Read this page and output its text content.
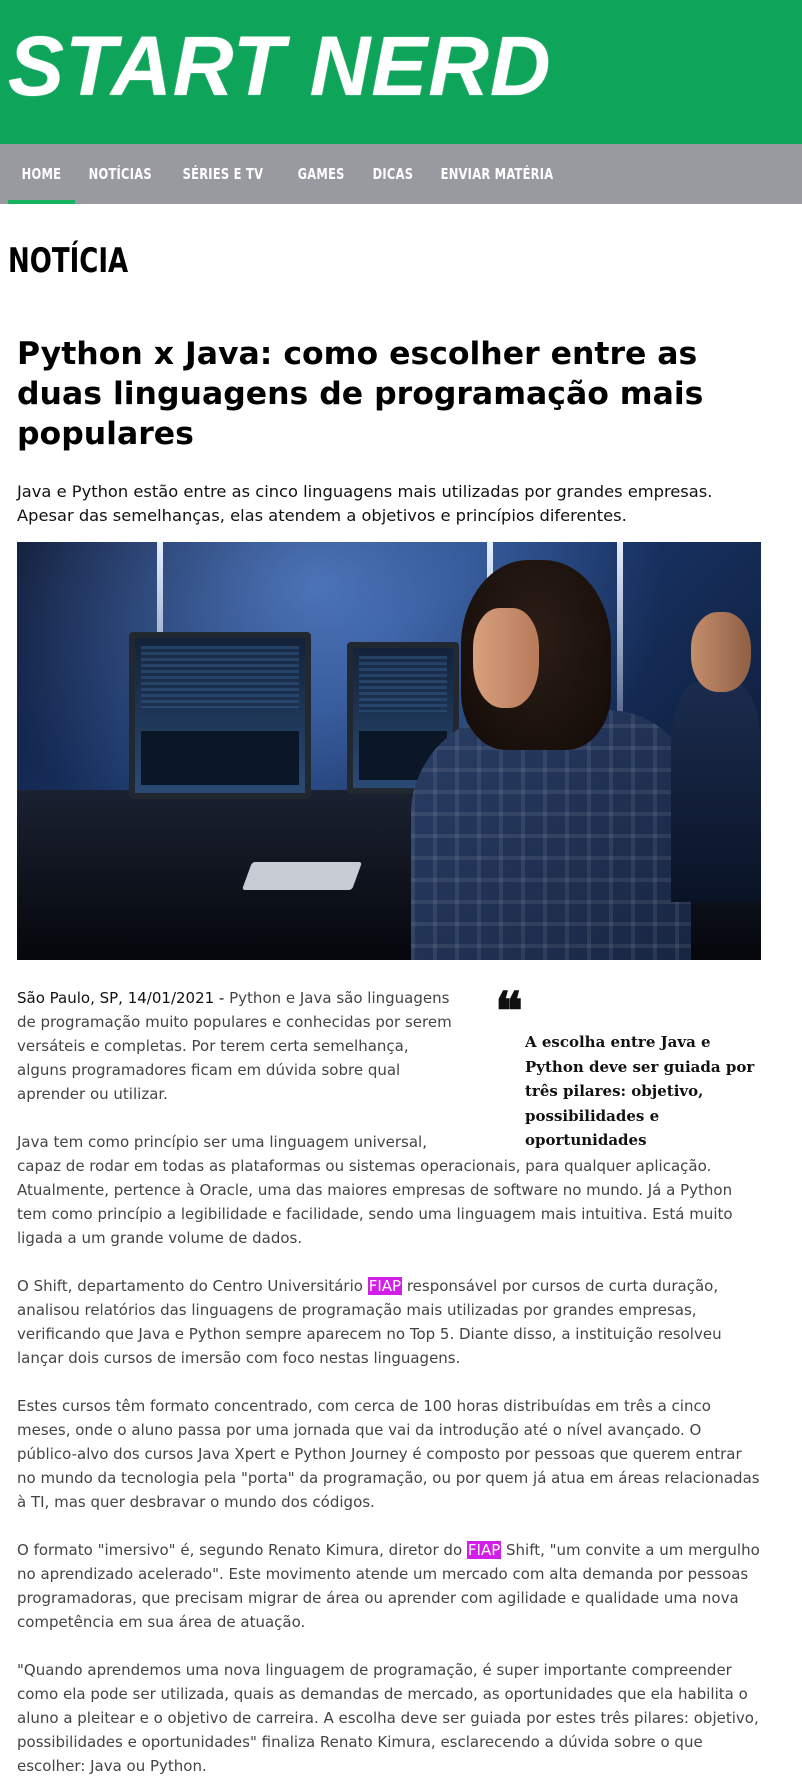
START NERD
HOME	NOTÍCIAS	SÉRIES E TV	GAMES	DICAS	ENVIAR MATÉRIA
NOTÍCIA
Python x Java: como escolher entre as duas linguagens de programação mais populares

Java e Python estão entre as cinco linguagens mais utilizadas por grandes empresas. Apesar das semelhanças, elas atendem a objetivos e princípios diferentes.

❝ A escolha entre Java e Python deve ser guiada por três pilares: objetivo, possibilidades e oportunidades

São Paulo, SP, 14/01/2021 - Python e Java são linguagens de programação muito populares e conhecidas por serem versáteis e completas. Por terem certa semelhança, alguns programadores ficam em dúvida sobre qual aprender ou utilizar.

Java tem como princípio ser uma linguagem universal, capaz de rodar em todas as plataformas ou sistemas operacionais, para qualquer aplicação. Atualmente, pertence à Oracle, uma das maiores empresas de software no mundo. Já a Python tem como princípio a legibilidade e facilidade, sendo uma linguagem mais intuitiva. Está muito ligada a um grande volume de dados.

O Shift, departamento do Centro Universitário FIAP responsável por cursos de curta duração, analisou relatórios das linguagens de programação mais utilizadas por grandes empresas, verificando que Java e Python sempre aparecem no Top 5. Diante disso, a instituição resolveu lançar dois cursos de imersão com foco nestas linguagens.

Estes cursos têm formato concentrado, com cerca de 100 horas distribuídas em três a cinco meses, onde o aluno passa por uma jornada que vai da introdução até o nível avançado. O público-alvo dos cursos Java Xpert e Python Journey é composto por pessoas que querem entrar no mundo da tecnologia pela "porta" da programação, ou por quem já atua em áreas relacionadas à TI, mas quer desbravar o mundo dos códigos.

O formato "imersivo" é, segundo Renato Kimura, diretor do FIAP Shift, "um convite a um mergulho no aprendizado acelerado". Este movimento atende um mercado com alta demanda por pessoas programadoras, que precisam migrar de área ou aprender com agilidade e qualidade uma nova competência em sua área de atuação.

"Quando aprendemos uma nova linguagem de programação, é super importante compreender como ela pode ser utilizada, quais as demandas de mercado, as oportunidades que ela habilita o aluno a pleitear e o objetivo de carreira. A escolha deve ser guiada por estes três pilares: objetivo, possibilidades e oportunidades" finaliza Renato Kimura, esclarecendo a dúvida sobre o que escolher: Java ou Python.
